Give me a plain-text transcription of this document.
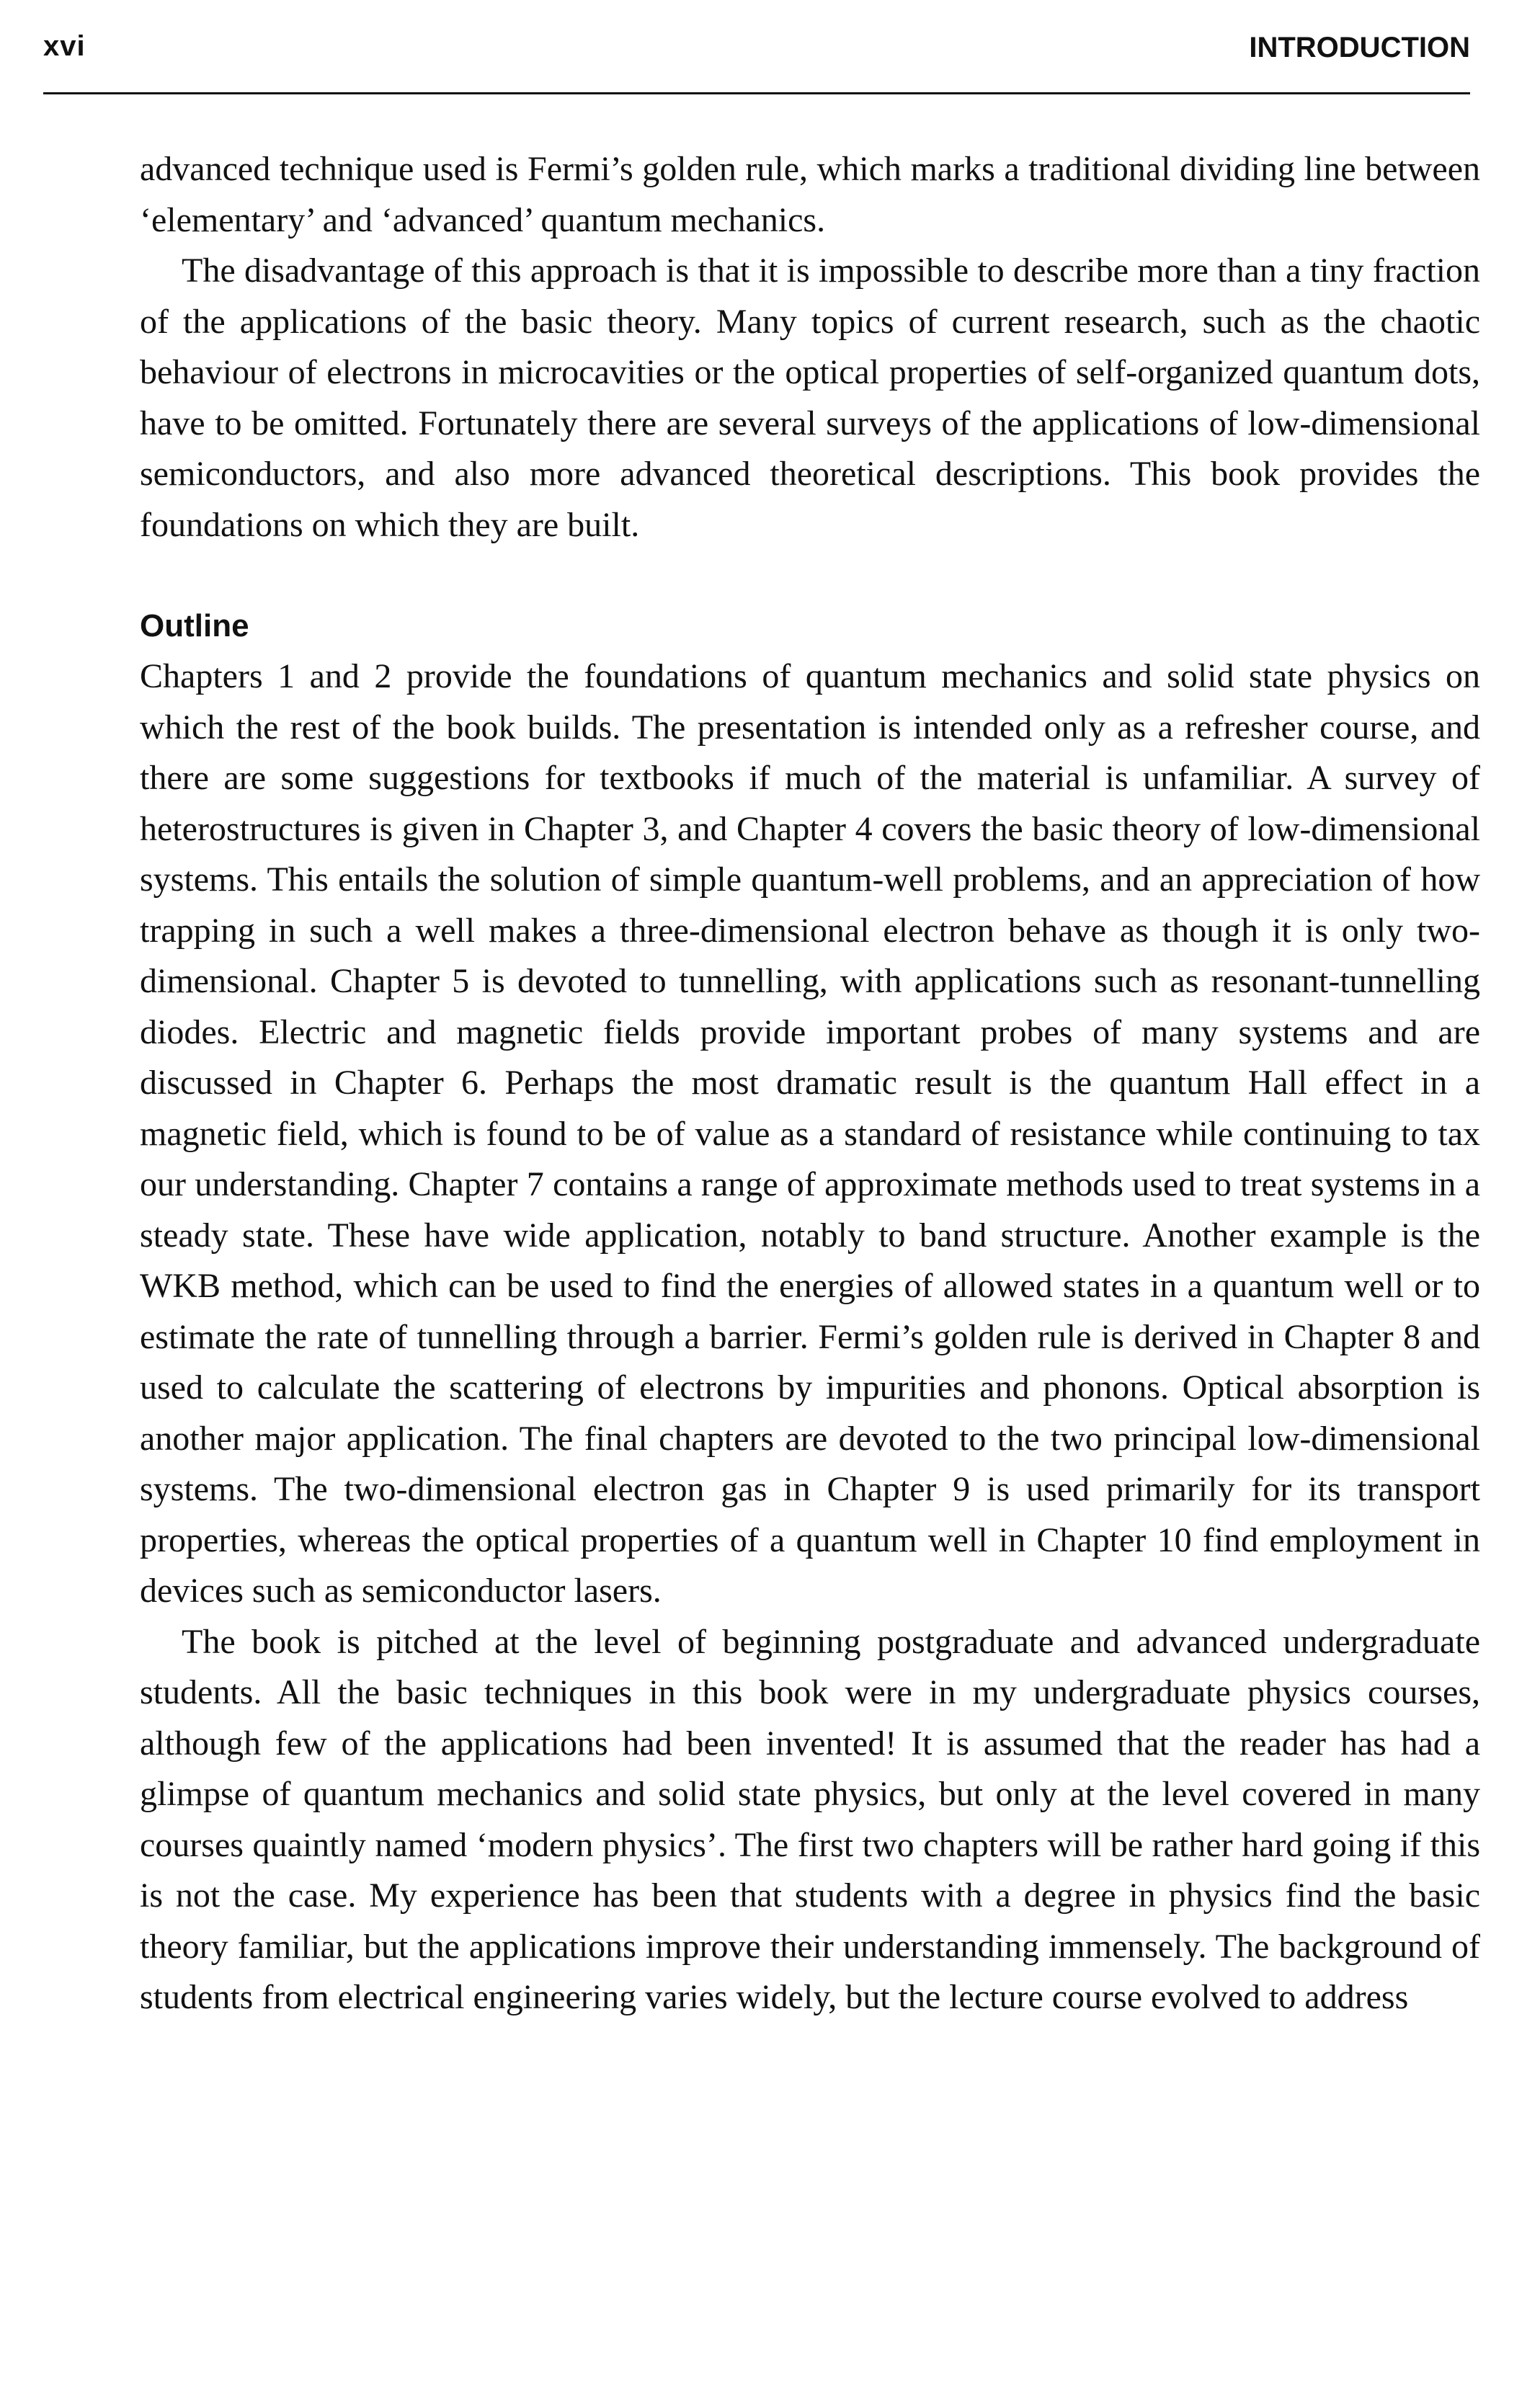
xvi	INTRODUCTION

advanced technique used is Fermi’s golden rule, which marks a traditional dividing line between ‘elementary’ and ‘advanced’ quantum mechanics.

The disadvantage of this approach is that it is impossible to describe more than a tiny fraction of the applications of the basic theory. Many topics of current research, such as the chaotic behaviour of electrons in microcavities or the optical properties of self-organized quantum dots, have to be omitted. Fortunately there are several surveys of the applications of low-dimensional semiconductors, and also more advanced theoretical descriptions. This book provides the foundations on which they are built.

Outline

Chapters 1 and 2 provide the foundations of quantum mechanics and solid state physics on which the rest of the book builds. The presentation is intended only as a refresher course, and there are some suggestions for textbooks if much of the material is unfamiliar. A survey of heterostructures is given in Chapter 3, and Chapter 4 covers the basic theory of low-dimensional systems. This entails the solution of simple quantum-well problems, and an appreciation of how trapping in such a well makes a three-dimensional electron behave as though it is only two-dimensional. Chapter 5 is devoted to tunnelling, with applications such as resonant-tunnelling diodes. Electric and magnetic fields provide important probes of many systems and are discussed in Chapter 6. Perhaps the most dramatic result is the quantum Hall effect in a magnetic field, which is found to be of value as a standard of resistance while continuing to tax our understanding. Chapter 7 contains a range of approximate methods used to treat systems in a steady state. These have wide application, notably to band structure. Another example is the WKB method, which can be used to find the energies of allowed states in a quantum well or to estimate the rate of tunnelling through a barrier. Fermi’s golden rule is derived in Chapter 8 and used to calculate the scattering of electrons by impurities and phonons. Optical absorption is another major application. The final chapters are devoted to the two principal low-dimensional systems. The two-dimensional electron gas in Chapter 9 is used primarily for its transport properties, whereas the optical properties of a quantum well in Chapter 10 find employment in devices such as semiconductor lasers.

The book is pitched at the level of beginning postgraduate and advanced undergraduate students. All the basic techniques in this book were in my undergraduate physics courses, although few of the applications had been invented! It is assumed that the reader has had a glimpse of quantum mechanics and solid state physics, but only at the level covered in many courses quaintly named ‘modern physics’. The first two chapters will be rather hard going if this is not the case. My experience has been that students with a degree in physics find the basic theory familiar, but the applications improve their understanding immensely. The background of students from electrical engineering varies widely, but the lecture course evolved to address
